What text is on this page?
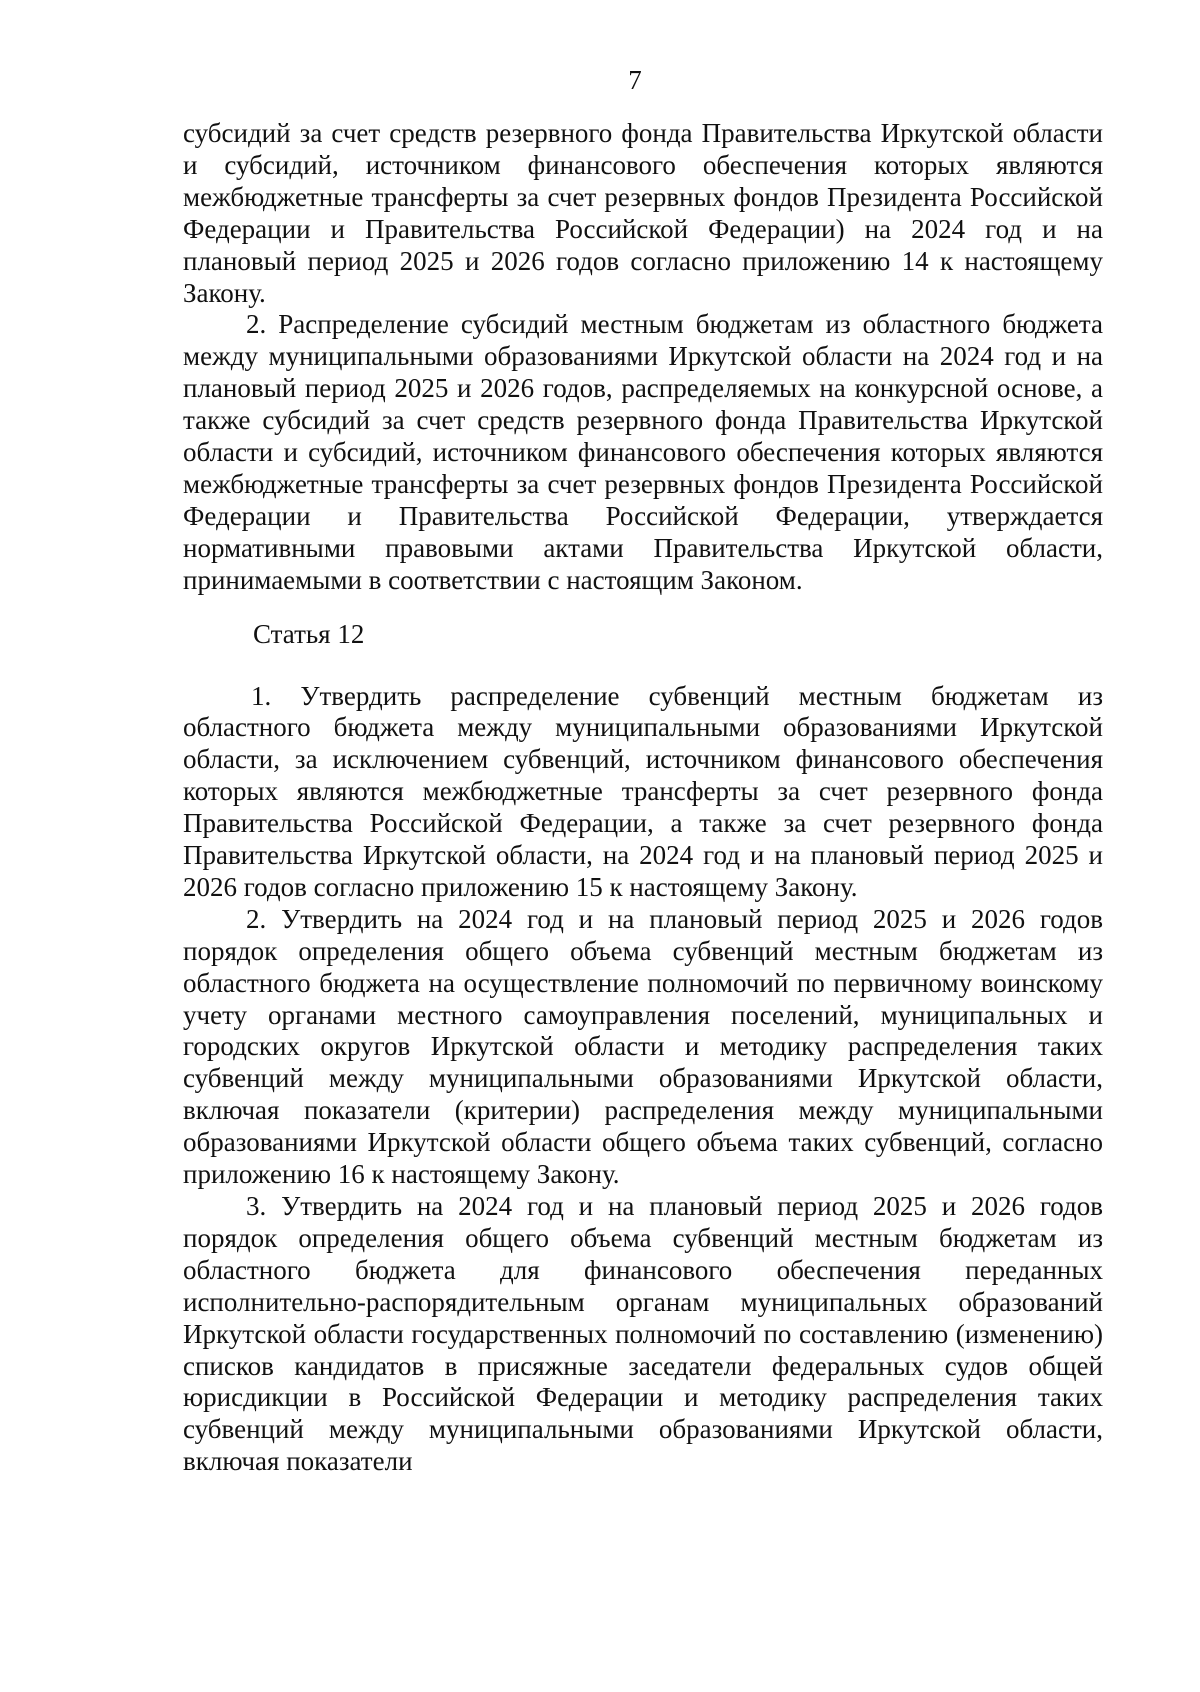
7

субсидий за счет средств резервного фонда Правительства Иркутской области и субсидий, источником финансового обеспечения которых являются межбюджетные трансферты за счет резервных фондов Президента Российской Федерации и Правительства Российской Федерации) на 2024 год и на плановый период 2025 и 2026 годов согласно приложению 14 к настоящему Закону.

2. Распределение субсидий местным бюджетам из областного бюджета между муниципальными образованиями Иркутской области на 2024 год и на плановый период 2025 и 2026 годов, распределяемых на конкурсной основе, а также субсидий за счет средств резервного фонда Правительства Иркутской области и субсидий, источником финансового обеспечения которых являются межбюджетные трансферты за счет резервных фондов Президента Российской Федерации и Правительства Российской Федерации, утверждается нормативными правовыми актами Правительства Иркутской области, принимаемыми в соответствии с настоящим Законом.

Статья 12

1. Утвердить распределение субвенций местным бюджетам из областного бюджета между муниципальными образованиями Иркутской области, за исключением субвенций, источником финансового обеспечения которых являются межбюджетные трансферты за счет резервного фонда Правительства Российской Федерации, а также за счет резервного фонда Правительства Иркутской области, на 2024 год и на плановый период 2025 и 2026 годов согласно приложению 15 к настоящему Закону.

2. Утвердить на 2024 год и на плановый период 2025 и 2026 годов порядок определения общего объема субвенций местным бюджетам из областного бюджета на осуществление полномочий по первичному воинскому учету органами местного самоуправления поселений, муниципальных и городских округов Иркутской области и методику распределения таких субвенций между муниципальными образованиями Иркутской области, включая показатели (критерии) распределения между муниципальными образованиями Иркутской области общего объема таких субвенций, согласно приложению 16 к настоящему Закону.

3. Утвердить на 2024 год и на плановый период 2025 и 2026 годов порядок определения общего объема субвенций местным бюджетам из областного бюджета для финансового обеспечения переданных исполнительно-распорядительным органам муниципальных образований Иркутской области государственных полномочий по составлению (изменению) списков кандидатов в присяжные заседатели федеральных судов общей юрисдикции в Российской Федерации и методику распределения таких субвенций между муниципальными образованиями Иркутской области, включая показатели
